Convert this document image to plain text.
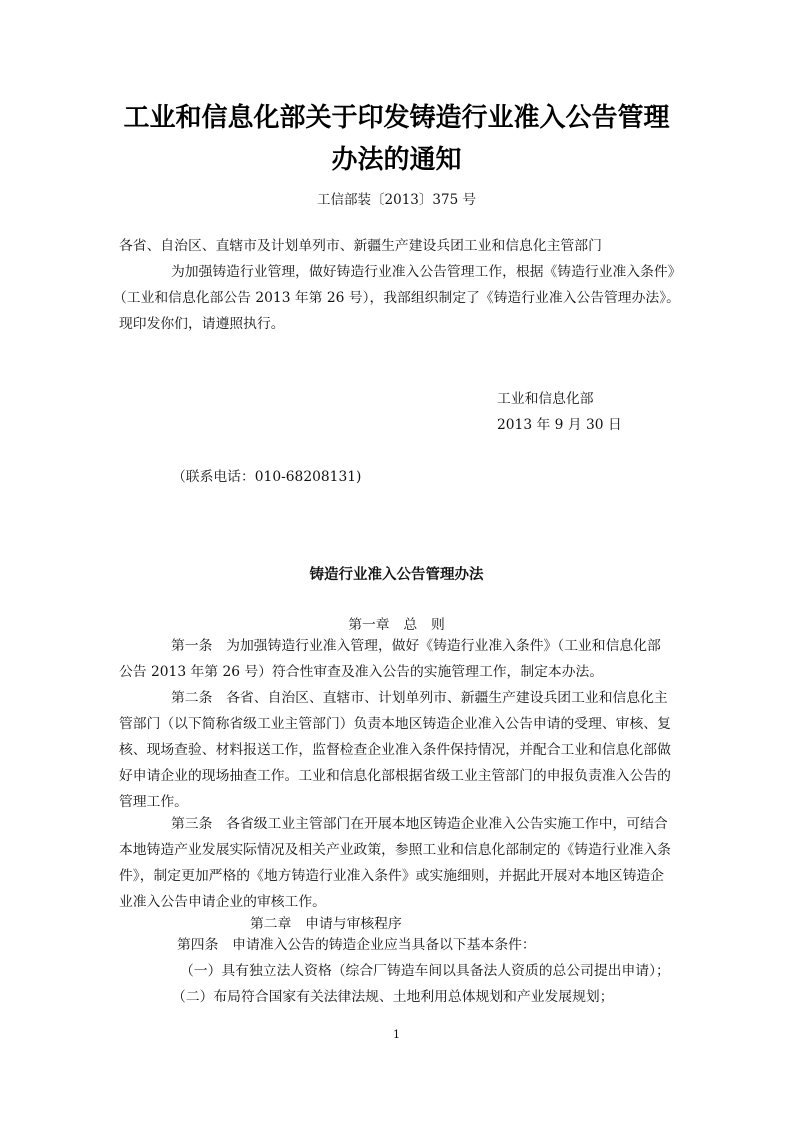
工业和信息化部关于印发铸造行业准入公告管理
办法的通知
工信部装〔2013〕375 号
各省、自治区、直辖市及计划单列市、新疆生产建设兵团工业和信息化主管部门
为加强铸造行业管理，做好铸造行业准入公告管理工作，根据《铸造行业准入条件》
（工业和信息化部公告 2013 年第 26 号），我部组织制定了《铸造行业准入公告管理办法》。
现印发你们，请遵照执行。
工业和信息化部
2013 年 9 月 30 日
（联系电话：010-68208131)
铸造行业准入公告管理办法
第一章　总　则
第一条　为加强铸造行业准入管理，做好《铸造行业准入条件》（工业和信息化部
公告 2013 年第 26 号）符合性审查及准入公告的实施管理工作，制定本办法。
第二条　各省、自治区、直辖市、计划单列市、新疆生产建设兵团工业和信息化主
管部门（以下简称省级工业主管部门）负责本地区铸造企业准入公告申请的受理、审核、复
核、现场查验、材料报送工作，监督检查企业准入条件保持情况，并配合工业和信息化部做
好申请企业的现场抽查工作。工业和信息化部根据省级工业主管部门的申报负责准入公告的
管理工作。
第三条　各省级工业主管部门在开展本地区铸造企业准入公告实施工作中，可结合
本地铸造产业发展实际情况及相关产业政策，参照工业和信息化部制定的《铸造行业准入条
件》，制定更加严格的《地方铸造行业准入条件》或实施细则，并据此开展对本地区铸造企
业准入公告申请企业的审核工作。
第二章　申请与审核程序
第四条　申请准入公告的铸造企业应当具备以下基本条件：
（一）具有独立法人资格（综合厂铸造车间以具备法人资质的总公司提出申请）；
（二）布局符合国家有关法律法规、土地利用总体规划和产业发展规划；
1
